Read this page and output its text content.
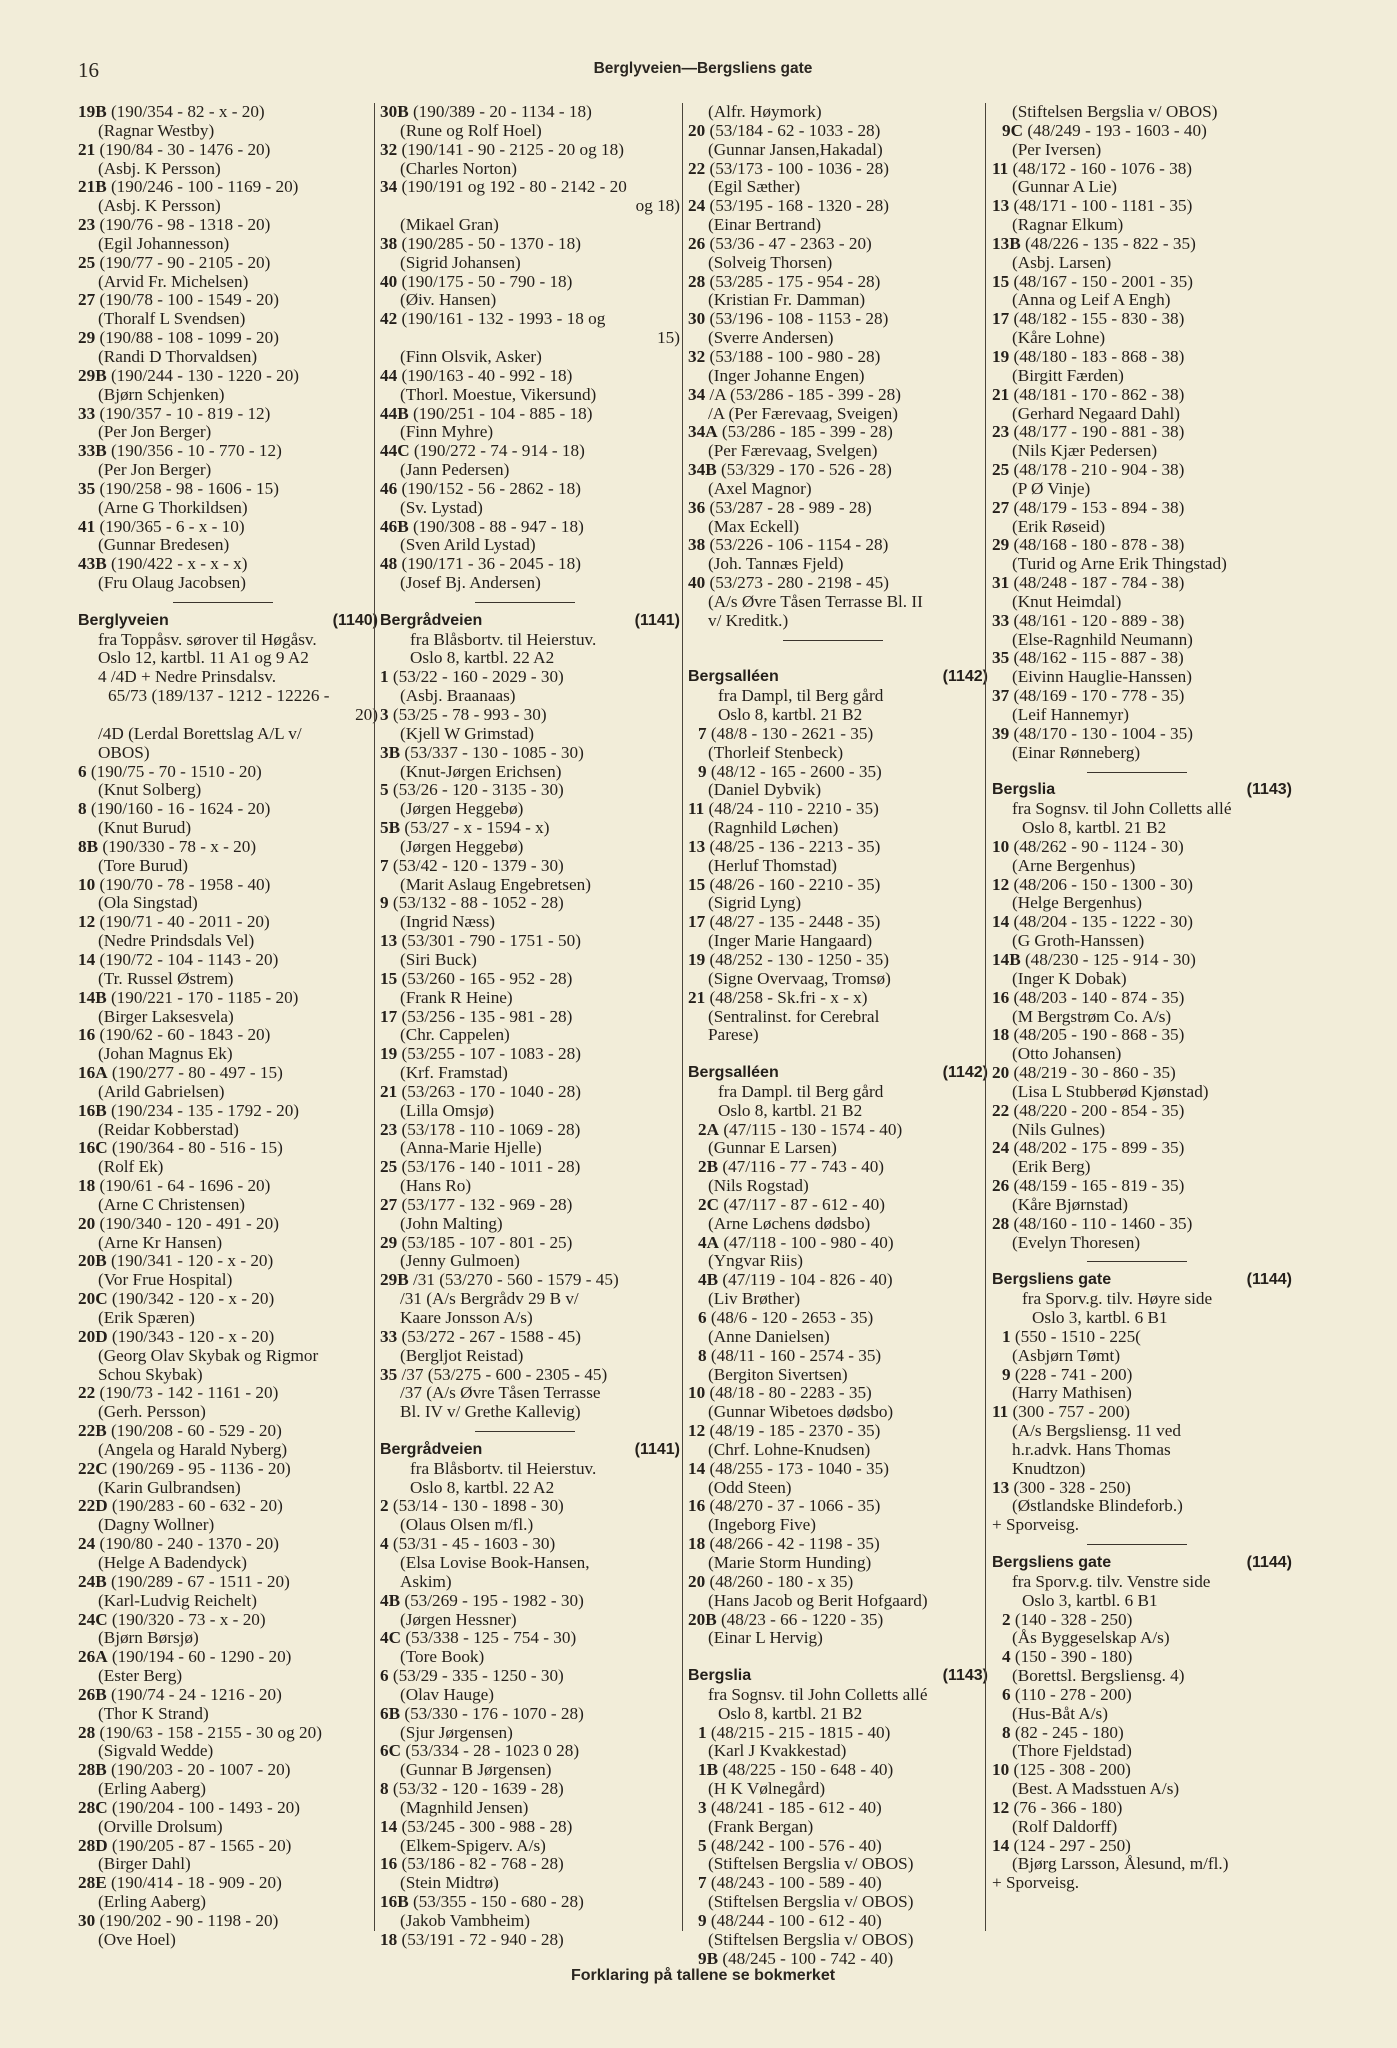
16	Berglyveien—Bergsliens gate
19B (190/354 - 82 - x - 20)
(Ragnar Westby)
21 (190/84 - 30 - 1476 - 20)
(Asbj. K Persson)
21B (190/246 - 100 - 1169 - 20)
(Asbj. K Persson)
23 (190/76 - 98 - 1318 - 20)
(Egil Johannesson)
25 (190/77 - 90 - 2105 - 20)
(Arvid Fr. Michelsen)
27 (190/78 - 100 - 1549 - 20)
(Thoralf L Svendsen)
29 (190/88 - 108 - 1099 - 20)
(Randi D Thorvaldsen)
29B (190/244 - 130 - 1220 - 20)
(Bjørn Schjenken)
33 (190/357 - 10 - 819 - 12)
(Per Jon Berger)
33B (190/356 - 10 - 770 - 12)
(Per Jon Berger)
35 (190/258 - 98 - 1606 - 15)
(Arne G Thorkildsen)
41 (190/365 - 6 - x - 10)
(Gunnar Bredesen)
43B (190/422 - x - x - x)
(Fru Olaug Jacobsen)
Berglyveien	(1140)
fra Toppåsv. sørover til Høgåsv.
Oslo 12, kartbl. 11 A1 og 9 A2
4 /4D + Nedre Prinsdalsv.
65/73 (189/137 - 1212 - 12226 -
20)
/4D (Lerdal Borettslag A/L v/
OBOS)
6 (190/75 - 70 - 1510 - 20)
(Knut Solberg)
8 (190/160 - 16 - 1624 - 20)
(Knut Burud)
8B (190/330 - 78 - x - 20)
(Tore Burud)
10 (190/70 - 78 - 1958 - 40)
(Ola Singstad)
12 (190/71 - 40 - 2011 - 20)
(Nedre Prindsdals Vel)
14 (190/72 - 104 - 1143 - 20)
(Tr. Russel Østrem)
14B (190/221 - 170 - 1185 - 20)
(Birger Laksesvela)
16 (190/62 - 60 - 1843 - 20)
(Johan Magnus Ek)
16A (190/277 - 80 - 497 - 15)
(Arild Gabrielsen)
16B (190/234 - 135 - 1792 - 20)
(Reidar Kobberstad)
16C (190/364 - 80 - 516 - 15)
(Rolf Ek)
18 (190/61 - 64 - 1696 - 20)
(Arne C Christensen)
20 (190/340 - 120 - 491 - 20)
(Arne Kr Hansen)
20B (190/341 - 120 - x - 20)
(Vor Frue Hospital)
20C (190/342 - 120 - x - 20)
(Erik Spæren)
20D (190/343 - 120 - x - 20)
(Georg Olav Skybak og Rigmor
Schou Skybak)
22 (190/73 - 142 - 1161 - 20)
(Gerh. Persson)
22B (190/208 - 60 - 529 - 20)
(Angela og Harald Nyberg)
22C (190/269 - 95 - 1136 - 20)
(Karin Gulbrandsen)
22D (190/283 - 60 - 632 - 20)
(Dagny Wollner)
24 (190/80 - 240 - 1370 - 20)
(Helge A Badendyck)
24B (190/289 - 67 - 1511 - 20)
(Karl-Ludvig Reichelt)
24C (190/320 - 73 - x - 20)
(Bjørn Børsjø)
26A (190/194 - 60 - 1290 - 20)
(Ester Berg)
26B (190/74 - 24 - 1216 - 20)
(Thor K Strand)
28 (190/63 - 158 - 2155 - 30 og 20)
(Sigvald Wedde)
28B (190/203 - 20 - 1007 - 20)
(Erling Aaberg)
28C (190/204 - 100 - 1493 - 20)
(Orville Drolsum)
28D (190/205 - 87 - 1565 - 20)
(Birger Dahl)
28E (190/414 - 18 - 909 - 20)
(Erling Aaberg)
30 (190/202 - 90 - 1198 - 20)
(Ove Hoel)
30B (190/389 - 20 - 1134 - 18)
(Rune og Rolf Hoel)
32 (190/141 - 90 - 2125 - 20 og 18)
(Charles Norton)
34 (190/191 og 192 - 80 - 2142 - 20
og 18)
(Mikael Gran)
38 (190/285 - 50 - 1370 - 18)
(Sigrid Johansen)
40 (190/175 - 50 - 790 - 18)
(Øiv. Hansen)
42 (190/161 - 132 - 1993 - 18 og
15)
(Finn Olsvik, Asker)
44 (190/163 - 40 - 992 - 18)
(Thorl. Moestue, Vikersund)
44B (190/251 - 104 - 885 - 18)
(Finn Myhre)
44C (190/272 - 74 - 914 - 18)
(Jann Pedersen)
46 (190/152 - 56 - 2862 - 18)
(Sv. Lystad)
46B (190/308 - 88 - 947 - 18)
(Sven Arild Lystad)
48 (190/171 - 36 - 2045 - 18)
(Josef Bj. Andersen)
Bergrådveien	(1141)
fra Blåsbortv. til Heierstuv.
Oslo 8, kartbl. 22 A2
1 (53/22 - 160 - 2029 - 30)
(Asbj. Braanaas)
3 (53/25 - 78 - 993 - 30)
(Kjell W Grimstad)
3B (53/337 - 130 - 1085 - 30)
(Knut-Jørgen Erichsen)
5 (53/26 - 120 - 3135 - 30)
(Jørgen Heggebø)
5B (53/27 - x - 1594 - x)
(Jørgen Heggebø)
7 (53/42 - 120 - 1379 - 30)
(Marit Aslaug Engebretsen)
9 (53/132 - 88 - 1052 - 28)
(Ingrid Næss)
13 (53/301 - 790 - 1751 - 50)
(Siri Buck)
15 (53/260 - 165 - 952 - 28)
(Frank R Heine)
17 (53/256 - 135 - 981 - 28)
(Chr. Cappelen)
19 (53/255 - 107 - 1083 - 28)
(Krf. Framstad)
21 (53/263 - 170 - 1040 - 28)
(Lilla Omsjø)
23 (53/178 - 110 - 1069 - 28)
(Anna-Marie Hjelle)
25 (53/176 - 140 - 1011 - 28)
(Hans Ro)
27 (53/177 - 132 - 969 - 28)
(John Malting)
29 (53/185 - 107 - 801 - 25)
(Jenny Gulmoen)
29B /31 (53/270 - 560 - 1579 - 45)
/31 (A/s Bergrådv 29 B v/
Kaare Jonsson A/s)
33 (53/272 - 267 - 1588 - 45)
(Bergljot Reistad)
35 /37 (53/275 - 600 - 2305 - 45)
/37 (A/s Øvre Tåsen Terrasse
Bl. IV v/ Grethe Kallevig)
Bergrådveien	(1141)
fra Blåsbortv. til Heierstuv.
Oslo 8, kartbl. 22 A2
2 (53/14 - 130 - 1898 - 30)
(Olaus Olsen m/fl.)
4 (53/31 - 45 - 1603 - 30)
(Elsa Lovise Book-Hansen,
Askim)
4B (53/269 - 195 - 1982 - 30)
(Jørgen Hessner)
4C (53/338 - 125 - 754 - 30)
(Tore Book)
6 (53/29 - 335 - 1250 - 30)
(Olav Hauge)
6B (53/330 - 176 - 1070 - 28)
(Sjur Jørgensen)
6C (53/334 - 28 - 1023 0 28)
(Gunnar B Jørgensen)
8 (53/32 - 120 - 1639 - 28)
(Magnhild Jensen)
14 (53/245 - 300 - 988 - 28)
(Elkem-Spigerv. A/s)
16 (53/186 - 82 - 768 - 28)
(Stein Midtrø)
16B (53/355 - 150 - 680 - 28)
(Jakob Vambheim)
18 (53/191 - 72 - 940 - 28)
(Alfr. Høymork)
20 (53/184 - 62 - 1033 - 28)
(Gunnar Jansen,Hakadal)
22 (53/173 - 100 - 1036 - 28)
(Egil Sæther)
24 (53/195 - 168 - 1320 - 28)
(Einar Bertrand)
26 (53/36 - 47 - 2363 - 20)
(Solveig Thorsen)
28 (53/285 - 175 - 954 - 28)
(Kristian Fr. Damman)
30 (53/196 - 108 - 1153 - 28)
(Sverre Andersen)
32 (53/188 - 100 - 980 - 28)
(Inger Johanne Engen)
34 /A (53/286 - 185 - 399 - 28)
/A (Per Færevaag, Sveigen)
34A (53/286 - 185 - 399 - 28)
(Per Færevaag, Svelgen)
34B (53/329 - 170 - 526 - 28)
(Axel Magnor)
36 (53/287 - 28 - 989 - 28)
(Max Eckell)
38 (53/226 - 106 - 1154 - 28)
(Joh. Tannæs Fjeld)
40 (53/273 - 280 - 2198 - 45)
(A/s Øvre Tåsen Terrasse Bl. II
v/ Kreditk.)
Bergsalléen	(1142)
fra Dampl, til Berg gård
Oslo 8, kartbl. 21 B2
7 (48/8 - 130 - 2621 - 35)
(Thorleif Stenbeck)
9 (48/12 - 165 - 2600 - 35)
(Daniel Dybvik)
11 (48/24 - 110 - 2210 - 35)
(Ragnhild Løchen)
13 (48/25 - 136 - 2213 - 35)
(Herluf Thomstad)
15 (48/26 - 160 - 2210 - 35)
(Sigrid Lyng)
17 (48/27 - 135 - 2448 - 35)
(Inger Marie Hangaard)
19 (48/252 - 130 - 1250 - 35)
(Signe Overvaag, Tromsø)
21 (48/258 - Sk.fri - x - x)
(Sentralinst. for Cerebral
Parese)
Bergsalléen	(1142)
fra Dampl. til Berg gård
Oslo 8, kartbl. 21 B2
2A (47/115 - 130 - 1574 - 40)
(Gunnar E Larsen)
2B (47/116 - 77 - 743 - 40)
(Nils Rogstad)
2C (47/117 - 87 - 612 - 40)
(Arne Løchens dødsbo)
4A (47/118 - 100 - 980 - 40)
(Yngvar Riis)
4B (47/119 - 104 - 826 - 40)
(Liv Brøther)
6 (48/6 - 120 - 2653 - 35)
(Anne Danielsen)
8 (48/11 - 160 - 2574 - 35)
(Bergiton Sivertsen)
10 (48/18 - 80 - 2283 - 35)
(Gunnar Wibetoes dødsbo)
12 (48/19 - 185 - 2370 - 35)
(Chrf. Lohne-Knudsen)
14 (48/255 - 173 - 1040 - 35)
(Odd Steen)
16 (48/270 - 37 - 1066 - 35)
(Ingeborg Five)
18 (48/266 - 42 - 1198 - 35)
(Marie Storm Hunding)
20 (48/260 - 180 - x 35)
(Hans Jacob og Berit Hofgaard)
20B (48/23 - 66 - 1220 - 35)
(Einar L Hervig)
Bergslia	(1143)
fra Sognsv. til John Colletts allé
Oslo 8, kartbl. 21 B2
1 (48/215 - 215 - 1815 - 40)
(Karl J Kvakkestad)
1B (48/225 - 150 - 648 - 40)
(H K Vølnegård)
3 (48/241 - 185 - 612 - 40)
(Frank Bergan)
5 (48/242 - 100 - 576 - 40)
(Stiftelsen Bergslia v/ OBOS)
7 (48/243 - 100 - 589 - 40)
(Stiftelsen Bergslia v/ OBOS)
9 (48/244 - 100 - 612 - 40)
(Stiftelsen Bergslia v/ OBOS)
9B (48/245 - 100 - 742 - 40)
(Stiftelsen Bergslia v/ OBOS)
9C (48/249 - 193 - 1603 - 40)
(Per Iversen)
11 (48/172 - 160 - 1076 - 38)
(Gunnar A Lie)
13 (48/171 - 100 - 1181 - 35)
(Ragnar Elkum)
13B (48/226 - 135 - 822 - 35)
(Asbj. Larsen)
15 (48/167 - 150 - 2001 - 35)
(Anna og Leif A Engh)
17 (48/182 - 155 - 830 - 38)
(Kåre Lohne)
19 (48/180 - 183 - 868 - 38)
(Birgitt Færden)
21 (48/181 - 170 - 862 - 38)
(Gerhard Negaard Dahl)
23 (48/177 - 190 - 881 - 38)
(Nils Kjær Pedersen)
25 (48/178 - 210 - 904 - 38)
(P Ø Vinje)
27 (48/179 - 153 - 894 - 38)
(Erik Røseid)
29 (48/168 - 180 - 878 - 38)
(Turid og Arne Erik Thingstad)
31 (48/248 - 187 - 784 - 38)
(Knut Heimdal)
33 (48/161 - 120 - 889 - 38)
(Else-Ragnhild Neumann)
35 (48/162 - 115 - 887 - 38)
(Eivinn Hauglie-Hanssen)
37 (48/169 - 170 - 778 - 35)
(Leif Hannemyr)
39 (48/170 - 130 - 1004 - 35)
(Einar Rønneberg)
Bergslia	(1143)
fra Sognsv. til John Colletts allé
Oslo 8, kartbl. 21 B2
10 (48/262 - 90 - 1124 - 30)
(Arne Bergenhus)
12 (48/206 - 150 - 1300 - 30)
(Helge Bergenhus)
14 (48/204 - 135 - 1222 - 30)
(G Groth-Hanssen)
14B (48/230 - 125 - 914 - 30)
(Inger K Dobak)
16 (48/203 - 140 - 874 - 35)
(M Bergstrøm Co. A/s)
18 (48/205 - 190 - 868 - 35)
(Otto Johansen)
20 (48/219 - 30 - 860 - 35)
(Lisa L Stubberød Kjønstad)
22 (48/220 - 200 - 854 - 35)
(Nils Gulnes)
24 (48/202 - 175 - 899 - 35)
(Erik Berg)
26 (48/159 - 165 - 819 - 35)
(Kåre Bjørnstad)
28 (48/160 - 110 - 1460 - 35)
(Evelyn Thoresen)
Bergsliens gate	(1144)
fra Sporv.g. tilv. Høyre side
Oslo 3, kartbl. 6 B1
1 (550 - 1510 - 225(
(Asbjørn Tømt)
9 (228 - 741 - 200)
(Harry Mathisen)
11 (300 - 757 - 200)
(A/s Bergsliensg. 11 ved
h.r.advk. Hans Thomas
Knudtzon)
13 (300 - 328 - 250)
(Østlandske Blindeforb.)
+ Sporveisg.
Bergsliens gate	(1144)
fra Sporv.g. tilv. Venstre side
Oslo 3, kartbl. 6 B1
2 (140 - 328 - 250)
(Ås Byggeselskap A/s)
4 (150 - 390 - 180)
(Borettsl. Bergsliensg. 4)
6 (110 - 278 - 200)
(Hus-Båt A/s)
8 (82 - 245 - 180)
(Thore Fjeldstad)
10 (125 - 308 - 200)
(Best. A Madsstuen A/s)
12 (76 - 366 - 180)
(Rolf Daldorff)
14 (124 - 297 - 250)
(Bjørg Larsson, Ålesund, m/fl.)
+ Sporveisg.
Forklaring på tallene se bokmerket
